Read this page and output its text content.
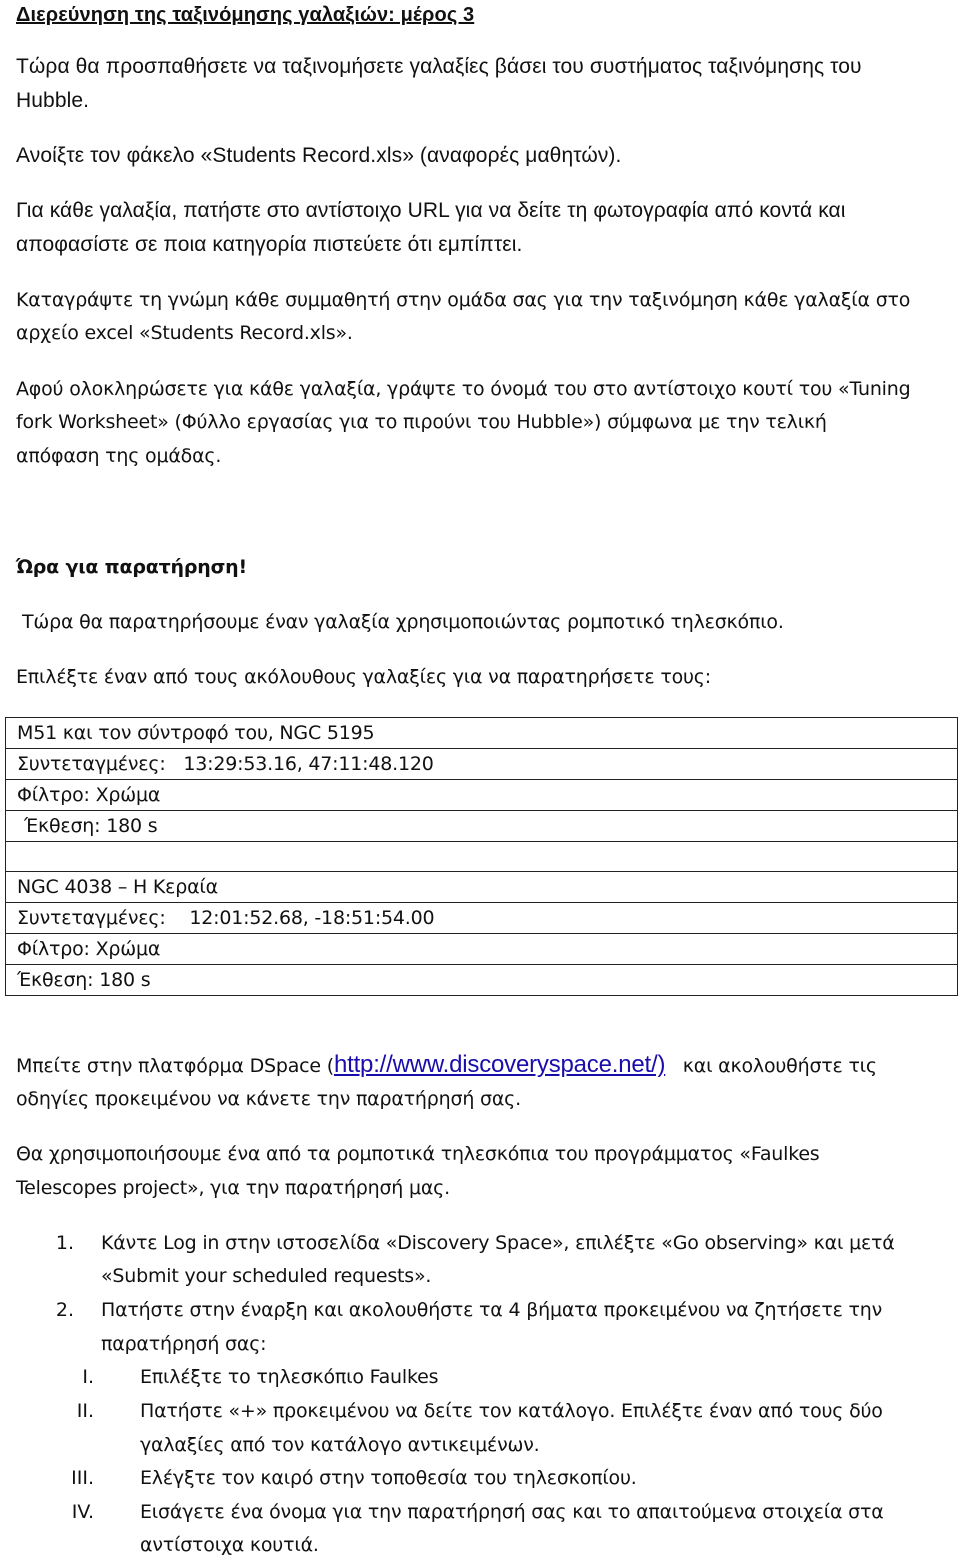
Διερεύνηση της ταξινόμησης γαλαξιών: μέρος 3
Τώρα θα προσπαθήσετε να ταξινομήσετε γαλαξίες βάσει του συστήματος ταξινόμησης του
Hubble.
Ανοίξτε τον φάκελο «Students Record.xls» (αναφορές μαθητών).
Για κάθε γαλαξία, πατήστε στο αντίστοιχο URL για να δείτε τη φωτογραφία από κοντά και
αποφασίστε σε ποια κατηγορία πιστεύετε ότι εμπίπτει.
Καταγράψτε τη γνώμη κάθε συμμαθητή στην ομάδα σας για την ταξινόμηση κάθε γαλαξία στο
αρχείο excel «Students Record.xls».
Αφού ολοκληρώσετε για κάθε γαλαξία, γράψτε το όνομά του στο αντίστοιχο κουτί του «Tuning
fork Worksheet» (Φύλλο εργασίας για το πιρούνι του Hubble») σύμφωνα με την τελική
απόφαση της ομάδας.
Ώρα για παρατήρηση!
Τώρα θα παρατηρήσουμε έναν γαλαξία χρησιμοποιώντας ρομποτικό τηλεσκόπιο.
Επιλέξτε έναν από τους ακόλουθους γαλαξίες για να παρατηρήσετε τους:
M51 και τον σύντροφό του, NGC 5195
Συντεταγμένες: 13:29:53.16, 47:11:48.120
Φίλτρο: Χρώμα
Έκθεση: 180 s

NGC 4038 – Η Κεραία
Συντεταγμένες: 12:01:52.68, -18:51:54.00
Φίλτρο: Χρώμα
Έκθεση: 180 s
Μπείτε στην πλατφόρμα DSpace (http://www.discoveryspace.net/) και ακολουθήστε τις
οδηγίες προκειμένου να κάνετε την παρατήρησή σας.
Θα χρησιμοποιήσουμε ένα από τα ρομποτικά τηλεσκόπια του προγράμματος «Faulkes
Telescopes project», για την παρατήρησή μας.
1. Κάντε Log in στην ιστοσελίδα «Discovery Space», επιλέξτε «Go observing» και μετά
«Submit your scheduled requests».
2. Πατήστε στην έναρξη και ακολουθήστε τα 4 βήματα προκειμένου να ζητήσετε την
παρατήρησή σας:
I. Επιλέξτε το τηλεσκόπιο Faulkes
II. Πατήστε «+» προκειμένου να δείτε τον κατάλογο. Επιλέξτε έναν από τους δύο
γαλαξίες από τον κατάλογο αντικειμένων.
III. Ελέγξτε τον καιρό στην τοποθεσία του τηλεσκοπίου.
IV. Εισάγετε ένα όνομα για την παρατήρησή σας και το απαιτούμενα στοιχεία στα
αντίστοιχα κουτιά.
